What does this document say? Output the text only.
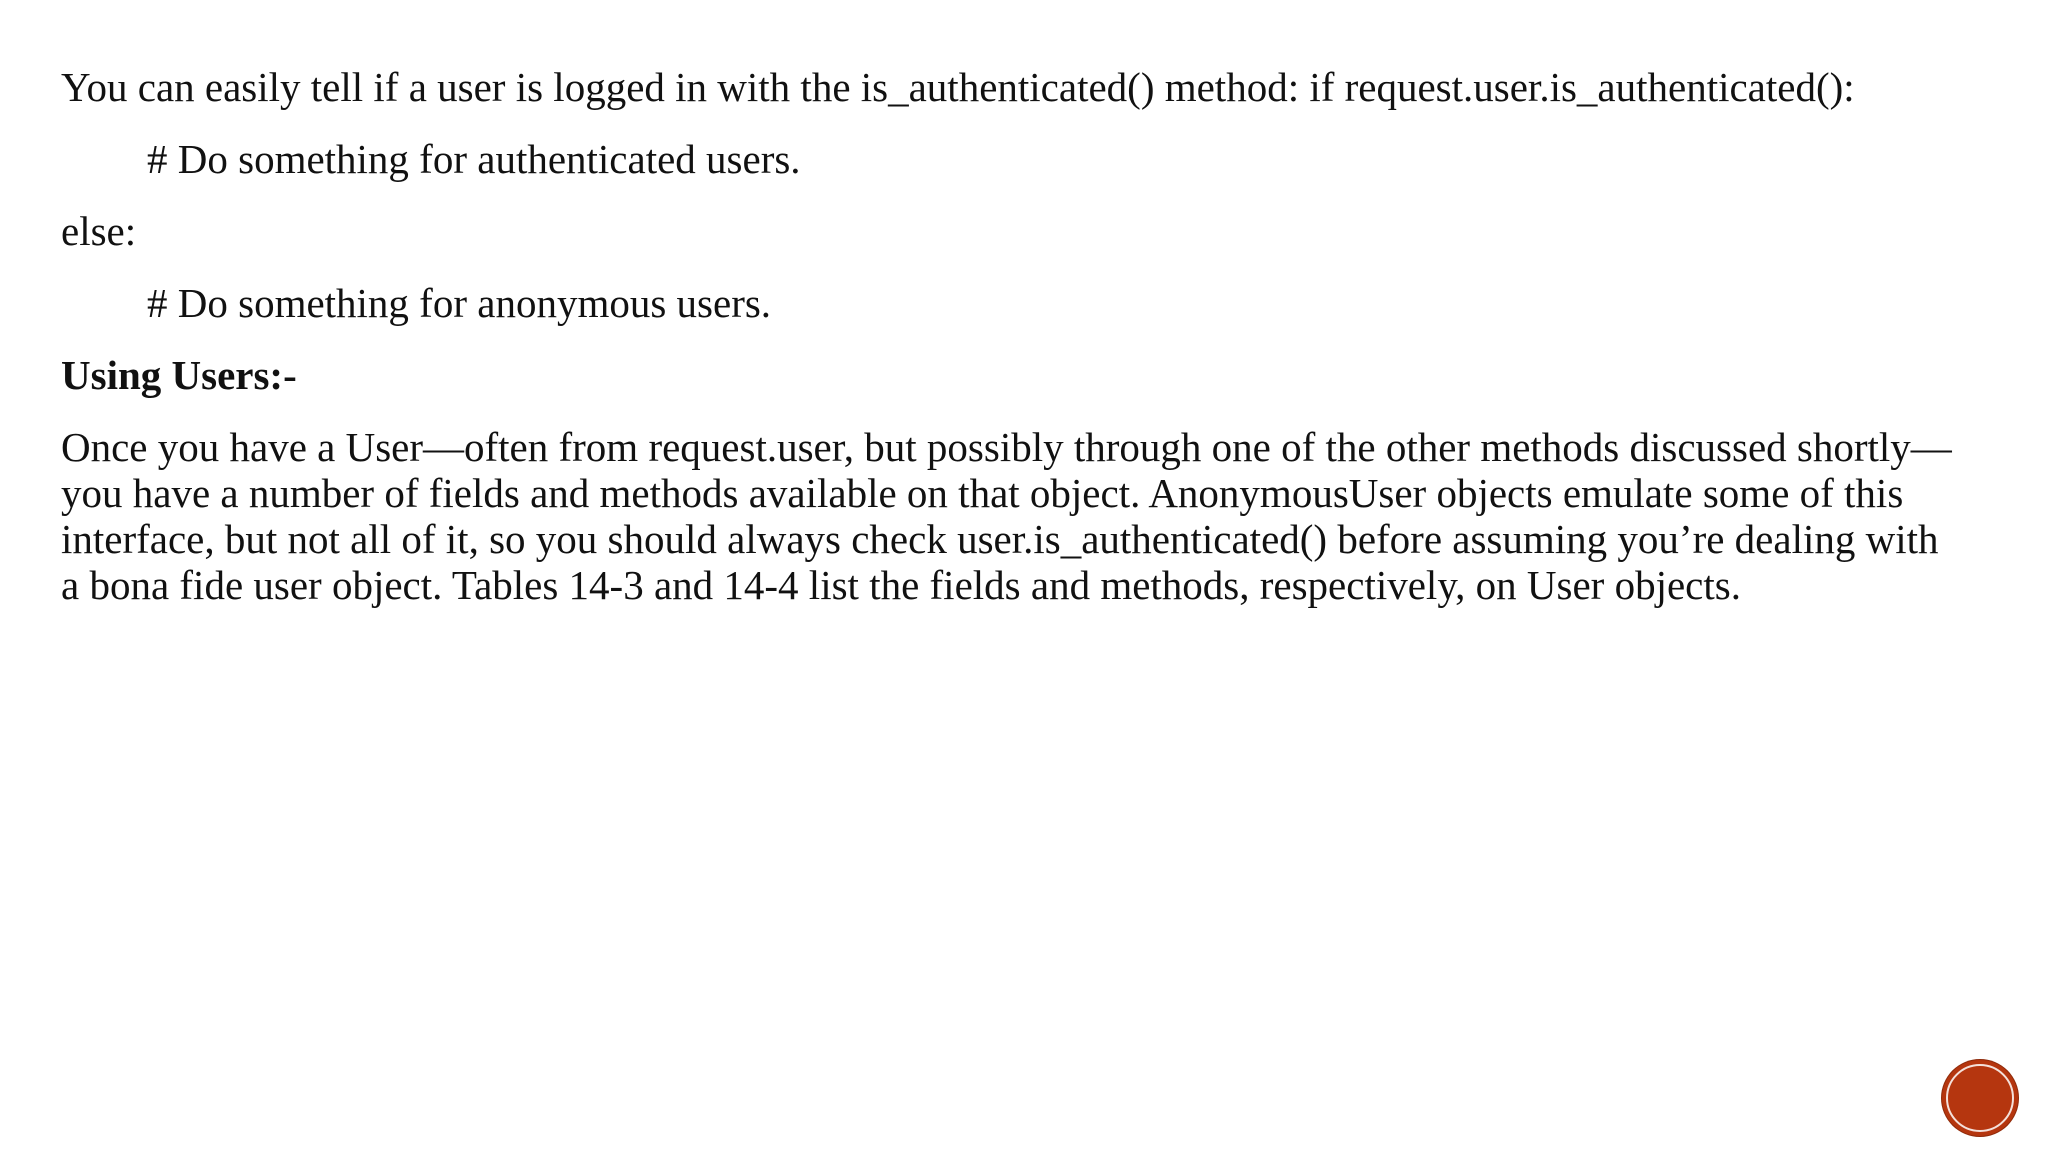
You can easily tell if a user is logged in with the is_authenticated() method: if request.user.is_authenticated():

# Do something for authenticated users.

else:

# Do something for anonymous users.

Using Users:-

Once you have a User—often from request.user, but possibly through one of the other methods discussed shortly—you have a number of fields and methods available on that object. AnonymousUser objects emulate some of this interface, but not all of it, so you should always check user.is_authenticated() before assuming you’re dealing with a bona fide user object. Tables 14-3 and 14-4 list the fields and methods, respectively, on User objects.
